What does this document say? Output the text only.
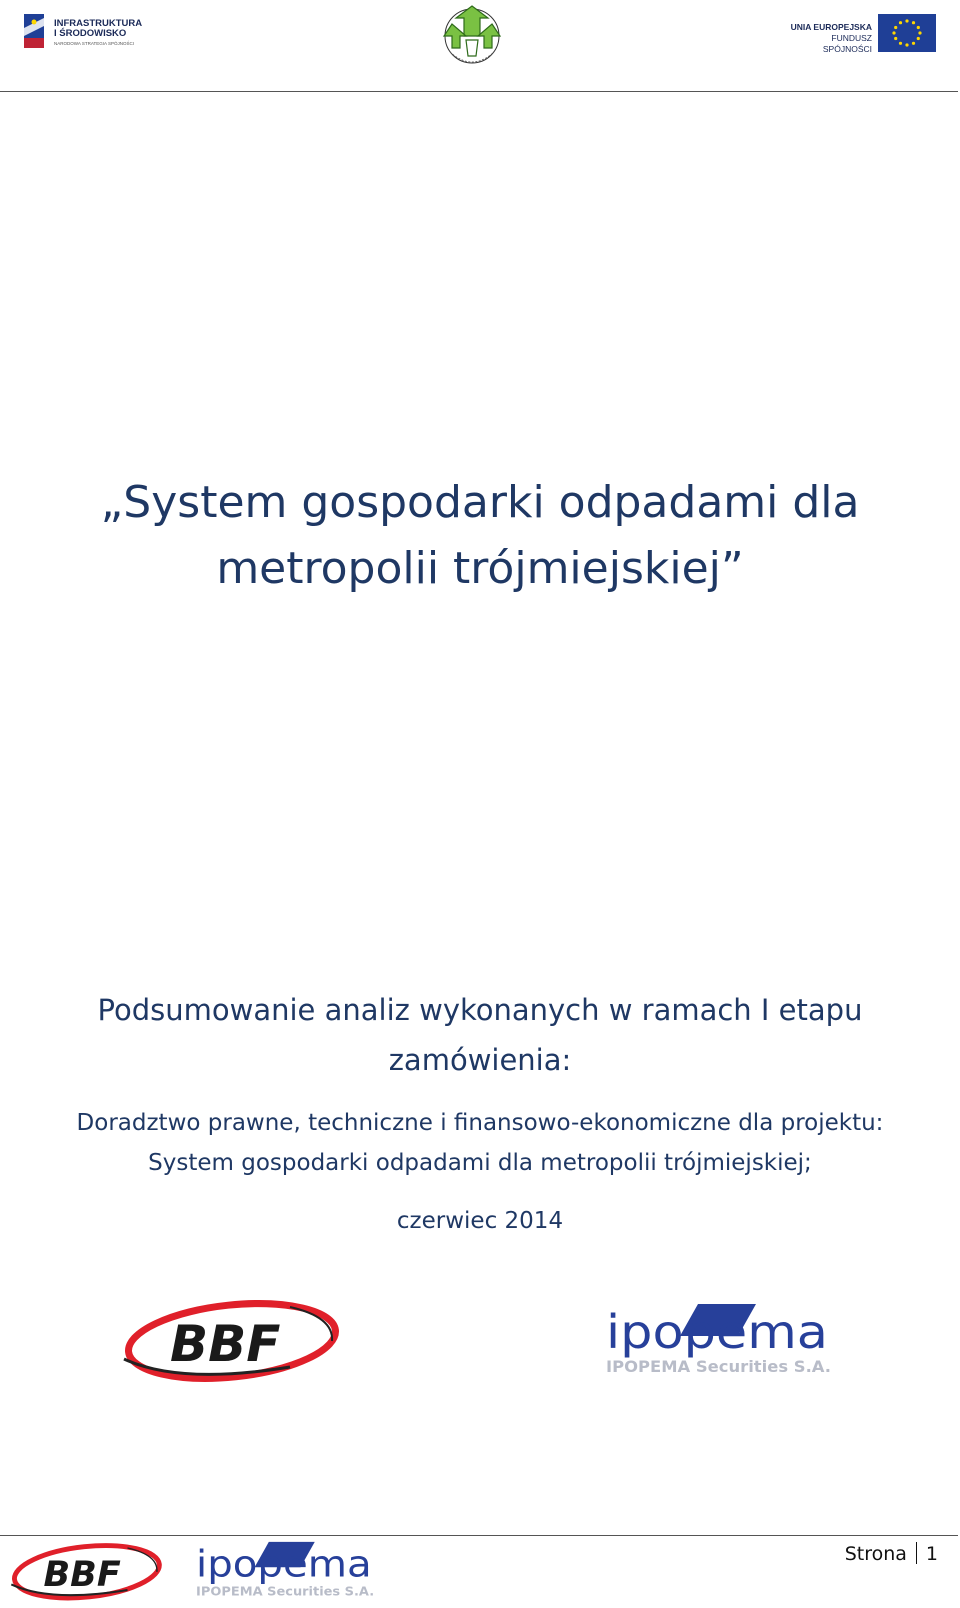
INFRASTRUKTURA
I ŚRODOWISKO
NARODOWA STRATEGIA SPÓJNOŚCI
UNIA EUROPEJSKA
FUNDUSZ SPÓJNOŚCI
„System gospodarki odpadami dla
metropolii trójmiejskiej”
Podsumowanie analiz wykonanych w ramach I etapu
zamówienia:
Doradztwo prawne, techniczne i finansowo-ekonomiczne dla projektu:
System gospodarki odpadami dla metropolii trójmiejskiej;
czerwiec 2014
BBF	ipopema
IPOPEMA Securities S.A.
BBF ipopema
IPOPEMA Securities S.A.
Strona 1
